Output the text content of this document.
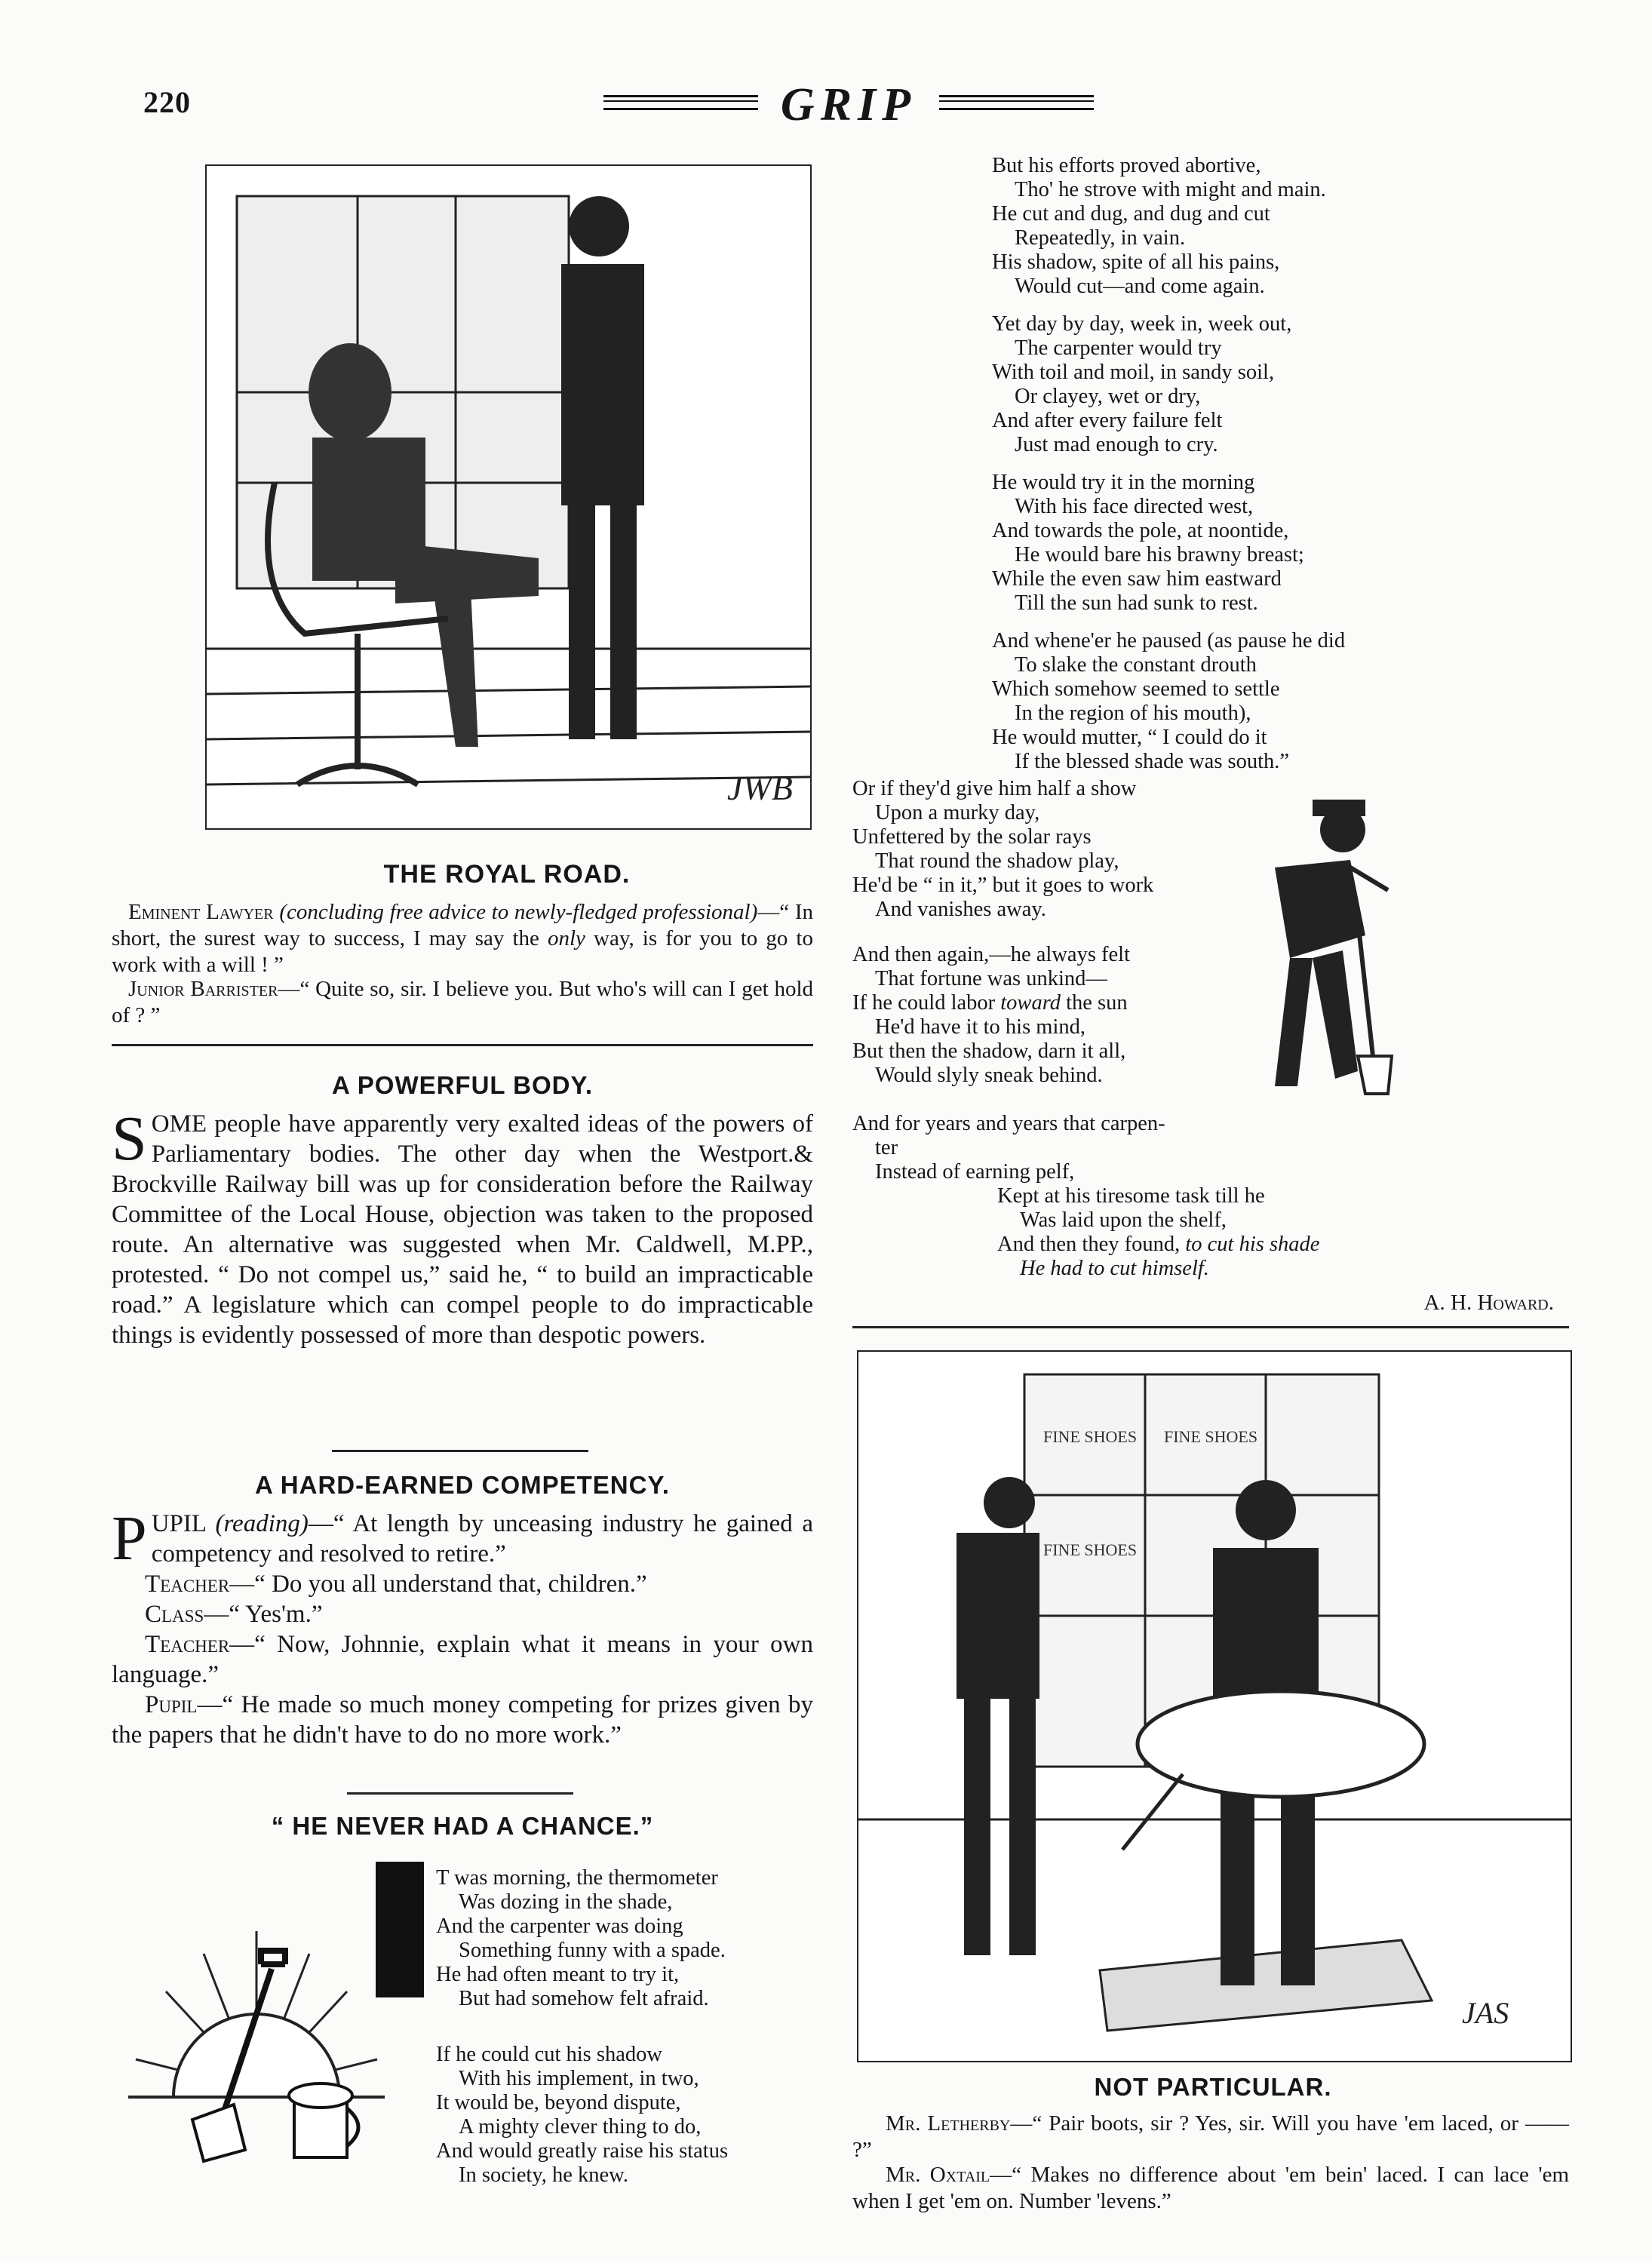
220	GRIP
JWB
THE ROYAL ROAD.
Eminent Lawyer (concluding free advice to newly-fledged professional)—“ In short, the surest way to success, I may say the only way, is for you to go to work with a will ! ”
Junior Barrister—“ Quite so, sir. I believe you. But who's will can I get hold of ? ”
A POWERFUL BODY.
SOME people have apparently very exalted ideas of the powers of Parliamentary bodies. The other day when the Westport.& Brockville Railway bill was up for consideration before the Railway Committee of the Local House, objection was taken to the proposed route. An alternative was suggested when Mr. Caldwell, M.PP., protested. “ Do not compel us,” said he, “ to build an impracticable road.” A legislature which can compel people to do impracticable things is evidently possessed of more than despotic powers.
A HARD-EARNED COMPETENCY.
PUPIL (reading)—“ At length by unceasing industry he gained a competency and resolved to retire.”
Teacher—“ Do you all understand that, children.”
Class—“ Yes'm.”
Teacher—“ Now, Johnnie, explain what it means in your own language.”
Pupil—“ He made so much money competing for prizes given by the papers that he didn't have to do no more work.”
“ HE NEVER HAD A CHANCE.”
T was morning, the thermometer
Was dozing in the shade,
And the carpenter was doing
Something funny with a spade.
He had often meant to try it,
But had somehow felt afraid.
If he could cut his shadow
With his implement, in two,
It would be, beyond dispute,
A mighty clever thing to do,
And would greatly raise his status
In society, he knew.
But his efforts proved abortive,
Tho' he strove with might and main.
He cut and dug, and dug and cut
Repeatedly, in vain.
His shadow, spite of all his pains,
Would cut—and come again.
Yet day by day, week in, week out,
The carpenter would try
With toil and moil, in sandy soil,
Or clayey, wet or dry,
And after every failure felt
Just mad enough to cry.
He would try it in the morning
With his face directed west,
And towards the pole, at noontide,
He would bare his brawny breast;
While the even saw him eastward
Till the sun had sunk to rest.
And whene'er he paused (as pause he did
To slake the constant drouth
Which somehow seemed to settle
In the region of his mouth),
He would mutter, “ I could do it
If the blessed shade was south.”
Or if they'd give him half a show
Upon a murky day,
Unfettered by the solar rays
That round the shadow play,
He'd be “ in it,” but it goes to work
And vanishes away.
And then again,—he always felt
That fortune was unkind—
If he could labor toward the sun
He'd have it to his mind,
But then the shadow, darn it all,
Would slyly sneak behind.
And for years and years that carpen-
ter
Instead of earning pelf,
Kept at his tiresome task till he
Was laid upon the shelf,
And then they found, to cut his shade
He had to cut himself.
A. H. Howard.
FINE SHOES FINE SHOES
FINE SHOES
JAS
NOT PARTICULAR.
Mr. Letherby—“ Pair boots, sir ? Yes, sir. Will you have 'em laced, or —— ?”
Mr. Oxtail—“ Makes no difference about 'em bein' laced. I can lace 'em when I get 'em on. Number 'levens.”
